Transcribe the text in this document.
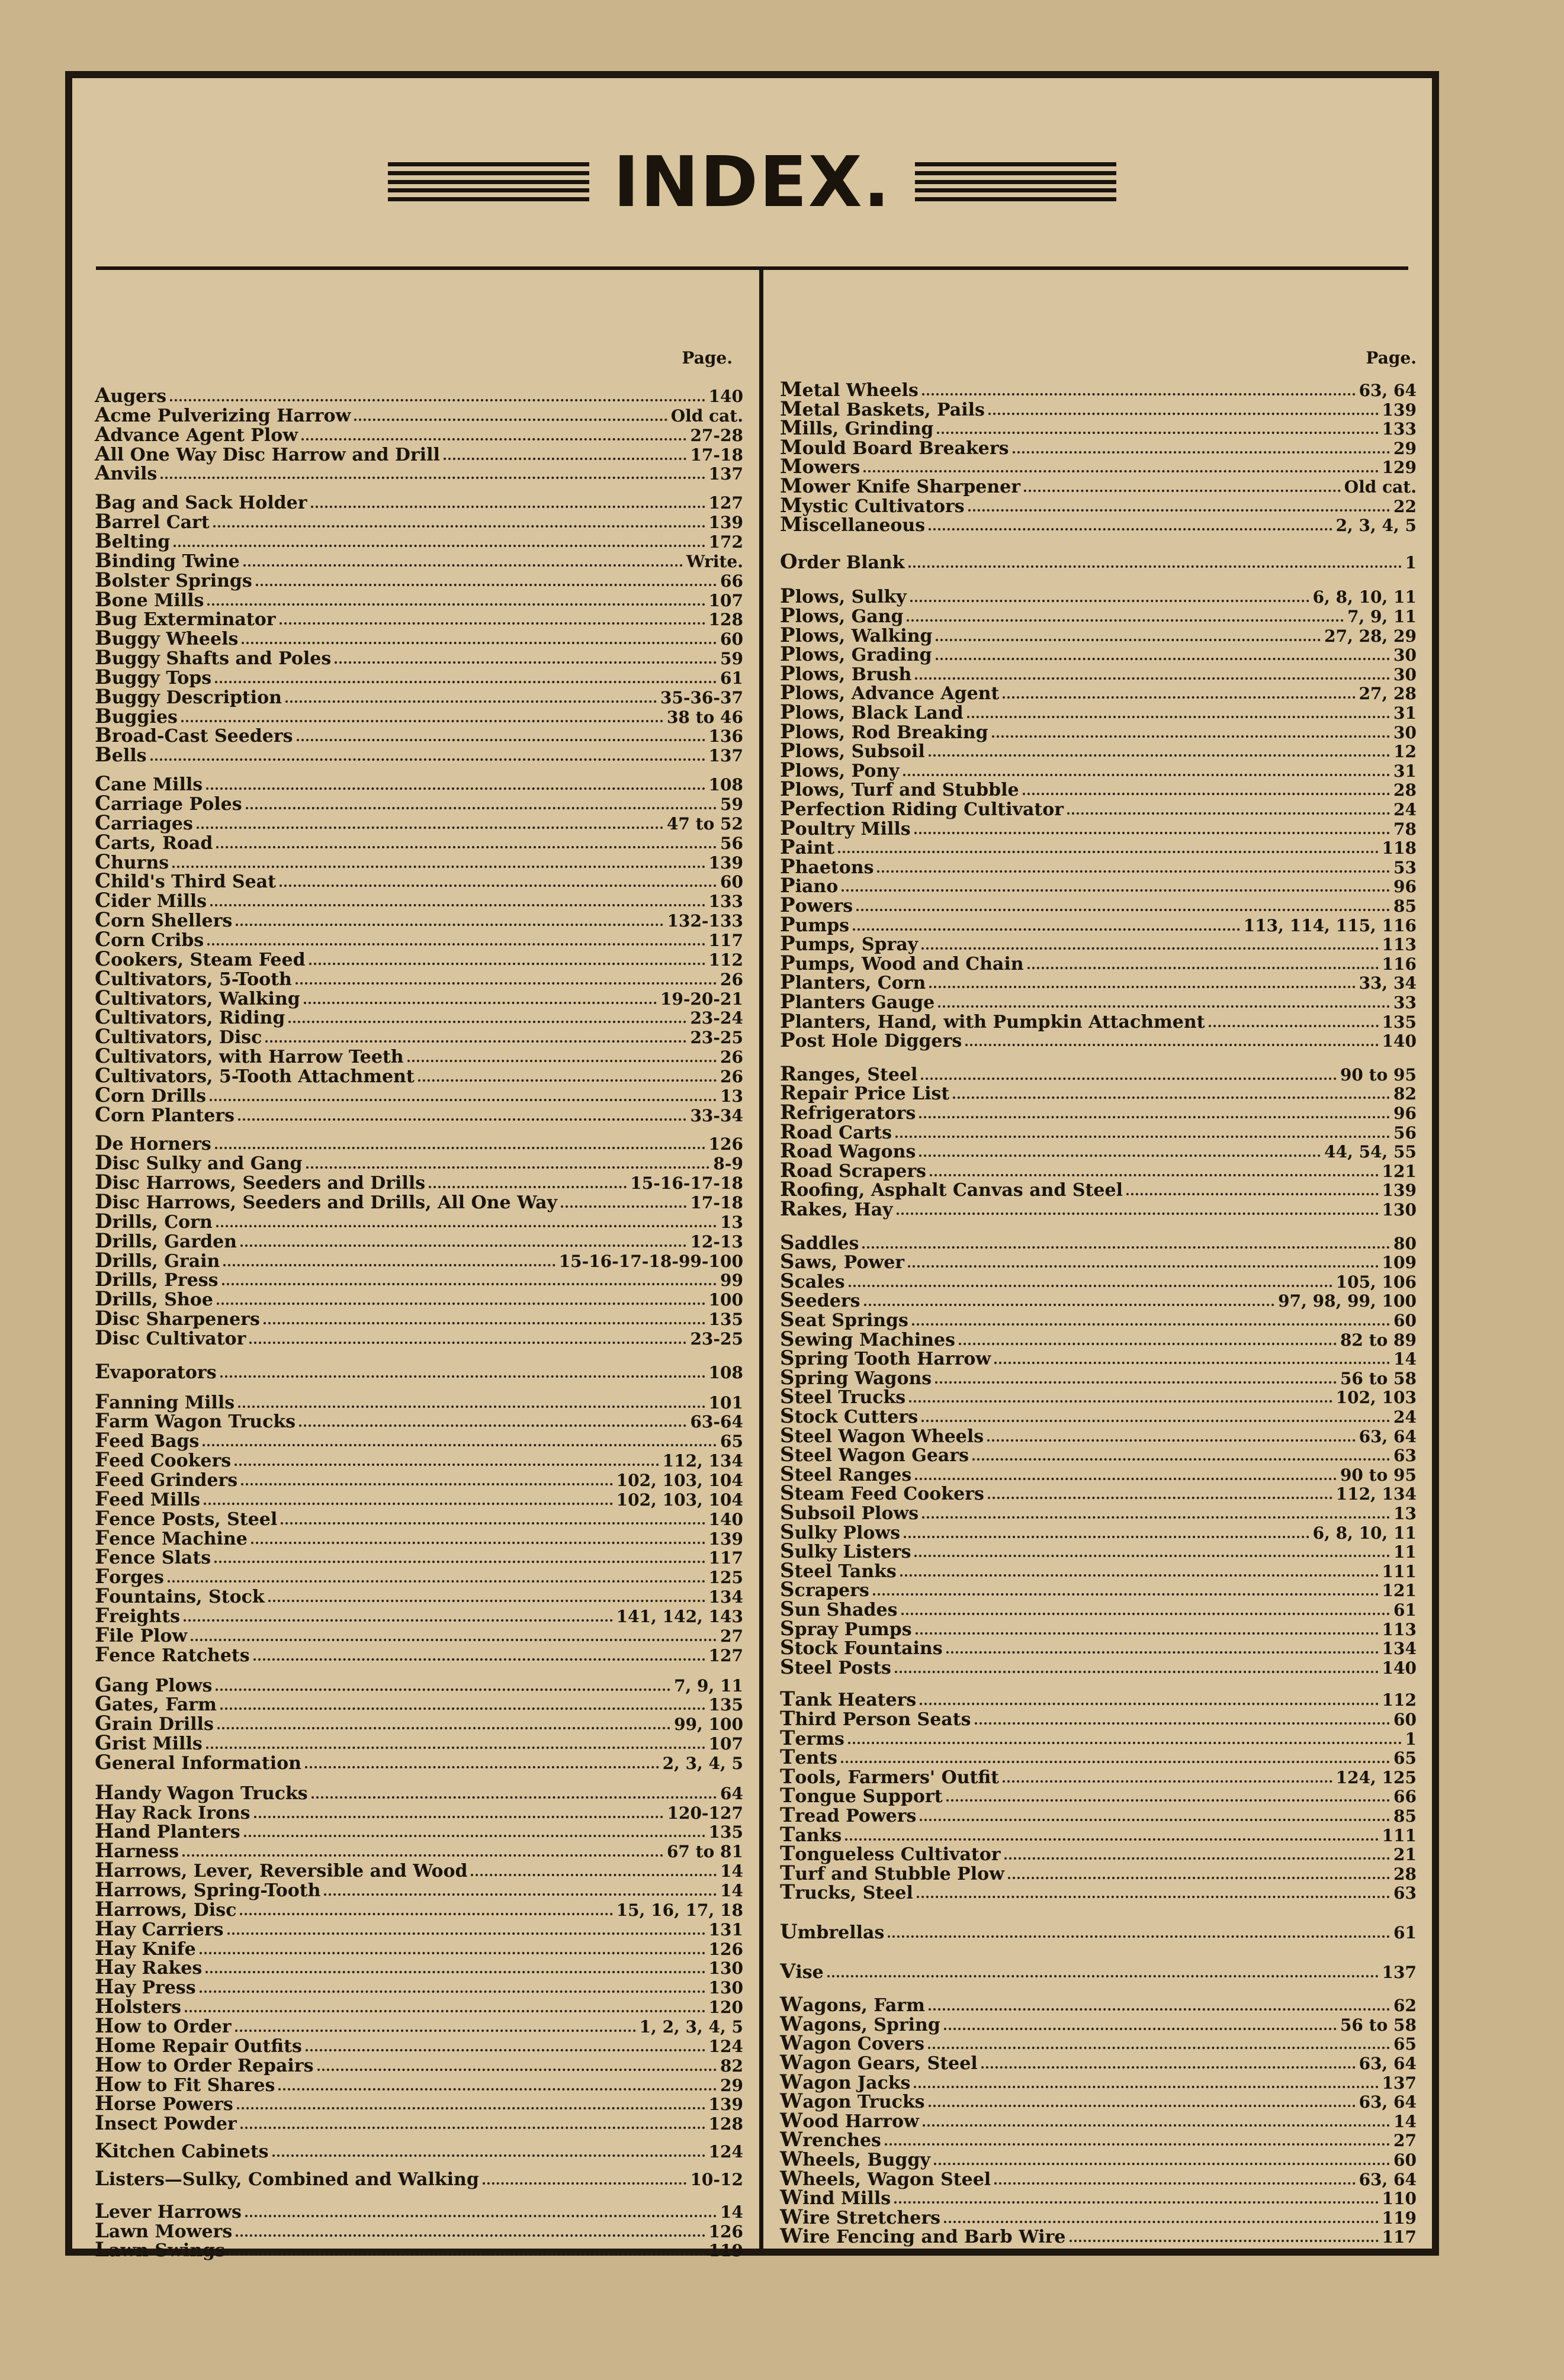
INDEX.
Page.
Augers	140
Acme Pulverizing Harrow	Old cat.
Advance Agent Plow	27-28
All One Way Disc Harrow and Drill	17-18
Anvils	137
Bag and Sack Holder	127
Barrel Cart	139
Belting	172
Binding Twine	Write.
Bolster Springs	66
Bone Mills	107
Bug Exterminator	128
Buggy Wheels	60
Buggy Shafts and Poles	59
Buggy Tops	61
Buggy Description	35-36-37
Buggies	38 to 46
Broad-Cast Seeders	136
Bells	137
Cane Mills	108
Carriage Poles	59
Carriages	47 to 52
Carts, Road	56
Churns	139
Child's Third Seat	60
Cider Mills	133
Corn Shellers	132-133
Corn Cribs	117
Cookers, Steam Feed	112
Cultivators, 5-Tooth	26
Cultivators, Walking	19-20-21
Cultivators, Riding	23-24
Cultivators, Disc	23-25
Cultivators, with Harrow Teeth	26
Cultivators, 5-Tooth Attachment	26
Corn Drills	13
Corn Planters	33-34
De Horners	126
Disc Sulky and Gang	8-9
Disc Harrows, Seeders and Drills	15-16-17-18
Disc Harrows, Seeders and Drills, All One Way	17-18
Drills, Corn	13
Drills, Garden	12-13
Drills, Grain	15-16-17-18-99-100
Drills, Press	99
Drills, Shoe	100
Disc Sharpeners	135
Disc Cultivator	23-25
Evaporators	108
Fanning Mills	101
Farm Wagon Trucks	63-64
Feed Bags	65
Feed Cookers	112, 134
Feed Grinders	102, 103, 104
Feed Mills	102, 103, 104
Fence Posts, Steel	140
Fence Machine	139
Fence Slats	117
Forges	125
Fountains, Stock	134
Freights	141, 142, 143
File Plow	27
Fence Ratchets	127
Gang Plows	7, 9, 11
Gates, Farm	135
Grain Drills	99, 100
Grist Mills	107
General Information	2, 3, 4, 5
Handy Wagon Trucks	64
Hay Rack Irons	120-127
Hand Planters	135
Harness	67 to 81
Harrows, Lever, Reversible and Wood	14
Harrows, Spring-Tooth	14
Harrows, Disc	15, 16, 17, 18
Hay Carriers	131
Hay Knife	126
Hay Rakes	130
Hay Press	130
Holsters	120
How to Order	1, 2, 3, 4, 5
Home Repair Outfits	124
How to Order Repairs	82
How to Fit Shares	29
Horse Powers	139
Insect Powder	128
Kitchen Cabinets	124
Listers—Sulky, Combined and Walking	10-12
Lever Harrows	14
Lawn Mowers	126
Lawn Swings	119
Page.
Metal Wheels	63, 64
Metal Baskets, Pails	139
Mills, Grinding	133
Mould Board Breakers	29
Mowers	129
Mower Knife Sharpener	Old cat.
Mystic Cultivators	22
Miscellaneous	2, 3, 4, 5
Order Blank	1
Plows, Sulky	6, 8, 10, 11
Plows, Gang	7, 9, 11
Plows, Walking	27, 28, 29
Plows, Grading	30
Plows, Brush	30
Plows, Advance Agent	27, 28
Plows, Black Land	31
Plows, Rod Breaking	30
Plows, Subsoil	12
Plows, Pony	31
Plows, Turf and Stubble	28
Perfection Riding Cultivator	24
Poultry Mills	78
Paint	118
Phaetons	53
Piano	96
Powers	85
Pumps	113, 114, 115, 116
Pumps, Spray	113
Pumps, Wood and Chain	116
Planters, Corn	33, 34
Planters Gauge	33
Planters, Hand, with Pumpkin Attachment	135
Post Hole Diggers	140
Ranges, Steel	90 to 95
Repair Price List	82
Refrigerators	96
Road Carts	56
Road Wagons	44, 54, 55
Road Scrapers	121
Roofing, Asphalt Canvas and Steel	139
Rakes, Hay	130
Saddles	80
Saws, Power	109
Scales	105, 106
Seeders	97, 98, 99, 100
Seat Springs	60
Sewing Machines	82 to 89
Spring Tooth Harrow	14
Spring Wagons	56 to 58
Steel Trucks	102, 103
Stock Cutters	24
Steel Wagon Wheels	63, 64
Steel Wagon Gears	63
Steel Ranges	90 to 95
Steam Feed Cookers	112, 134
Subsoil Plows	13
Sulky Plows	6, 8, 10, 11
Sulky Listers	11
Steel Tanks	111
Scrapers	121
Sun Shades	61
Spray Pumps	113
Stock Fountains	134
Steel Posts	140
Tank Heaters	112
Third Person Seats	60
Terms	1
Tents	65
Tools, Farmers' Outfit	124, 125
Tongue Support	66
Tread Powers	85
Tanks	111
Tongueless Cultivator	21
Turf and Stubble Plow	28
Trucks, Steel	63
Umbrellas	61
Vise	137
Wagons, Farm	62
Wagons, Spring	56 to 58
Wagon Covers	65
Wagon Gears, Steel	63, 64
Wagon Jacks	137
Wagon Trucks	63, 64
Wood Harrow	14
Wrenches	27
Wheels, Buggy	60
Wheels, Wagon Steel	63, 64
Wind Mills	110
Wire Stretchers	119
Wire Fencing and Barb Wire	117
